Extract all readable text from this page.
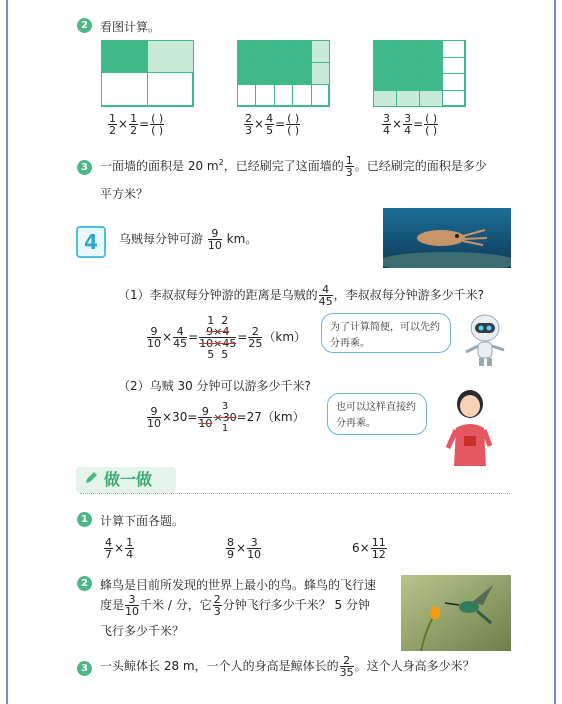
2	看图计算。
$\frac{1}{2} \times \frac{1}{2} = \frac{( )}{( )}$	$\frac{2}{3} \times \frac{4}{5} = \frac{( )}{( )}$	$\frac{3}{4} \times \frac{3}{4} = \frac{( )}{( )}$
3	一面墙的面积是 20 $m^2$，已经刷完了这面墙的 $\frac{1}{3}$ 。已经刷完的面积是多少
平方米？
4	乌贼每分钟可游 $\frac{9}{10}$ km。
（1）李叔叔每分钟游的距离是乌贼的 $\frac{4}{45}$ ，李叔叔每分钟游多少千米?
$\frac{9}{10} \times \frac{4}{45}$ =
1 2
9×4
10×45
5 5
= $\frac{2}{25} (km)$
为了计算简便，可以先约分再乘。
（2）乌贼 30 分钟可以游多少千米?
$\frac{9}{10} \times 30= \frac{9}{10} 3$
×30
1
=27（km）
也可以这样直接约分再乘。
做一做
1	计算下面各题。
$\frac{4}{7} \times \frac{1}{4}$	$\frac{8}{9} \times \frac{3}{10}$	$6\times \frac{11}{12}$
2	蜂鸟是目前所发现的世界上最小的鸟。蜂鸟的飞行速
度是 $\frac{3}{10}$ 千米 / 分，它 $\frac{2}{3}$ 分钟飞行多少千米？ 5 分钟
飞行多少千米？
3	一头鲸体长 28 m，一个人的身高是鲸体长的 $\frac{2}{35}$ 。这个人身高多少米？
